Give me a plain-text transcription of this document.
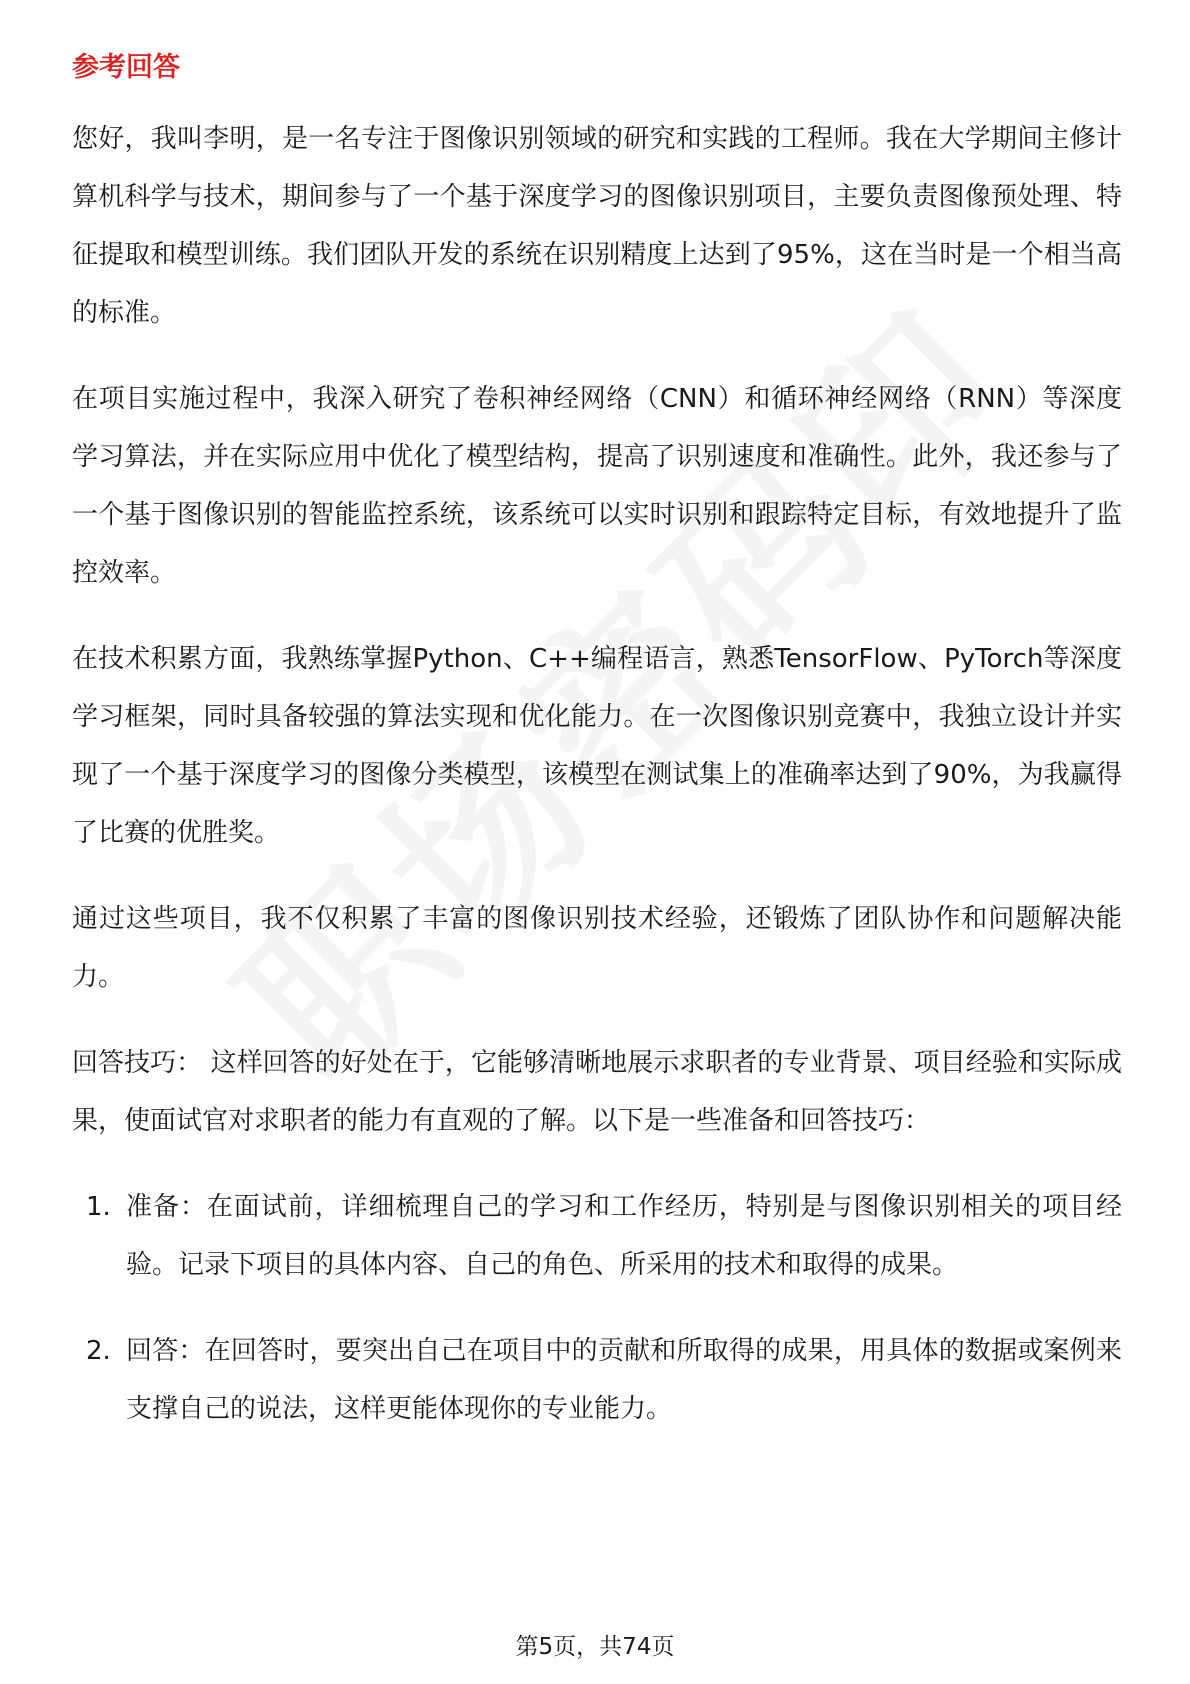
参考回答

您好，我叫李明，是一名专注于图像识别领域的研究和实践的工程师。我在大学期间主修计算机科学与技术，期间参与了一个基于深度学习的图像识别项目，主要负责图像预处理、特征提取和模型训练。我们团队开发的系统在识别精度上达到了95%，这在当时是一个相当高的标准。

在项目实施过程中，我深入研究了卷积神经网络（CNN）和循环神经网络（RNN）等深度学习算法，并在实际应用中优化了模型结构，提高了识别速度和准确性。此外，我还参与了一个基于图像识别的智能监控系统，该系统可以实时识别和跟踪特定目标，有效地提升了监控效率。

在技术积累方面，我熟练掌握Python、C++编程语言，熟悉TensorFlow、PyTorch等深度学习框架，同时具备较强的算法实现和优化能力。在一次图像识别竞赛中，我独立设计并实现了一个基于深度学习的图像分类模型，该模型在测试集上的准确率达到了90%，为我赢得了比赛的优胜奖。

通过这些项目，我不仅积累了丰富的图像识别技术经验，还锻炼了团队协作和问题解决能力。

回答技巧： 这样回答的好处在于，它能够清晰地展示求职者的专业背景、项目经验和实际成果，使面试官对求职者的能力有直观的了解。以下是一些准备和回答技巧：

1. 准备：在面试前，详细梳理自己的学习和工作经历，特别是与图像识别相关的项目经验。记录下项目的具体内容、自己的角色、所采用的技术和取得的成果。
2. 回答：在回答时，要突出自己在项目中的贡献和所取得的成果，用具体的数据或案例来支撑自己的说法，这样更能体现你的专业能力。
第5页，共74页
